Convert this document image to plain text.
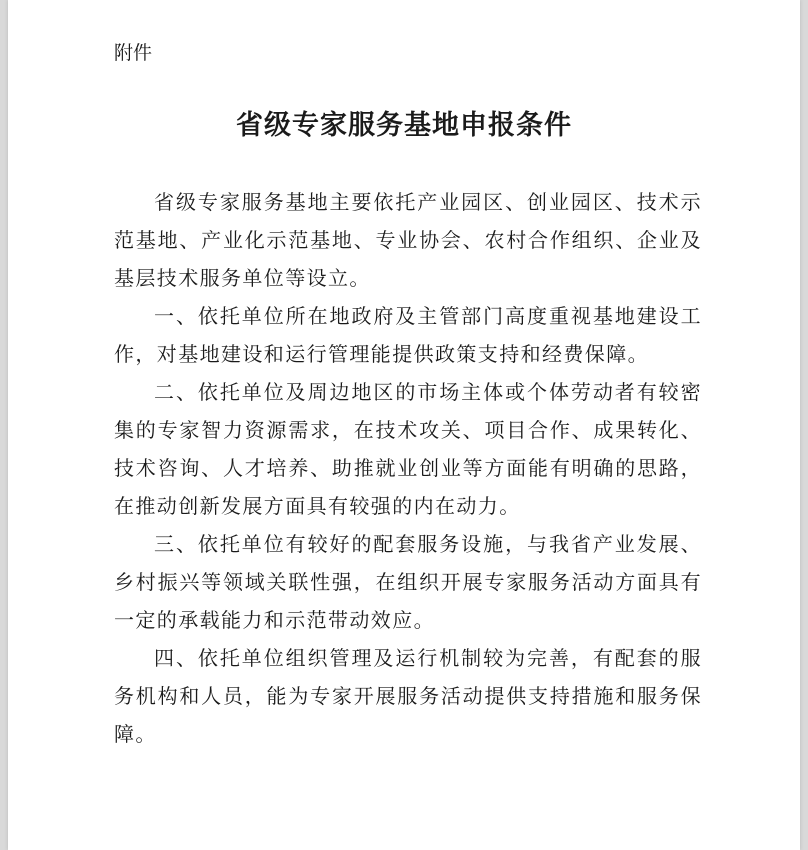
附件
省级专家服务基地申报条件

省级专家服务基地主要依托产业园区、创业园区、技术示范基地、产业化示范基地、专业协会、农村合作组织、企业及基层技术服务单位等设立。

一、依托单位所在地政府及主管部门高度重视基地建设工作，对基地建设和运行管理能提供政策支持和经费保障。

二、依托单位及周边地区的市场主体或个体劳动者有较密集的专家智力资源需求，在技术攻关、项目合作、成果转化、技术咨询、人才培养、助推就业创业等方面能有明确的思路，在推动创新发展方面具有较强的内在动力。

三、依托单位有较好的配套服务设施，与我省产业发展、乡村振兴等领域关联性强，在组织开展专家服务活动方面具有一定的承载能力和示范带动效应。

四、依托单位组织管理及运行机制较为完善，有配套的服务机构和人员，能为专家开展服务活动提供支持措施和服务保障。
